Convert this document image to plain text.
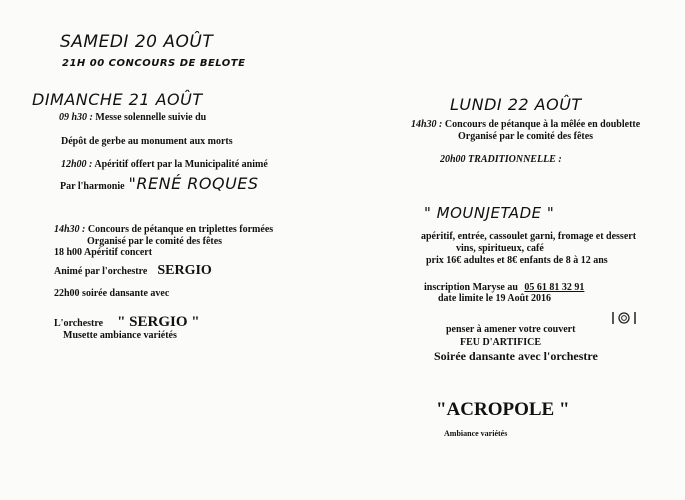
SAMEDI 20 AOÛT
21H 00 CONCOURS DE BELOTE
DIMANCHE 21 AOÛT
09 h30 : Messe solennelle suivie du
Dépôt de gerbe au monument aux morts
12h00 : Apéritif offert par la Municipalité animé
Par l'harmonie "RENÉ ROQUES
14h30 : Concours de pétanque en triplettes formées
Organisé par le comité des fêtes
18 h00 Apéritif concert
Animé par l'orchestre SERGIO
22h00 soirée dansante avec
L'orchestre " SERGIO "
Musette ambiance variétés
LUNDI 22 AOÛT
14h30 : Concours de pétanque à la mêlée en doublette
Organisé par le comité des fêtes
20h00 TRADITIONNELLE :
" MOUNJETADE "
apéritif, entrée, cassoulet garni, fromage et dessert
vins, spiritueux, café
prix 16€ adultes et 8€ enfants de 8 à 12 ans
inscription Maryse au 05 61 81 32 91
date limite le 19 Août 2016
penser à amener votre couvert
FEU D'ARTIFICE
Soirée dansante avec l'orchestre
"ACROPOLE "
Ambiance variétés
